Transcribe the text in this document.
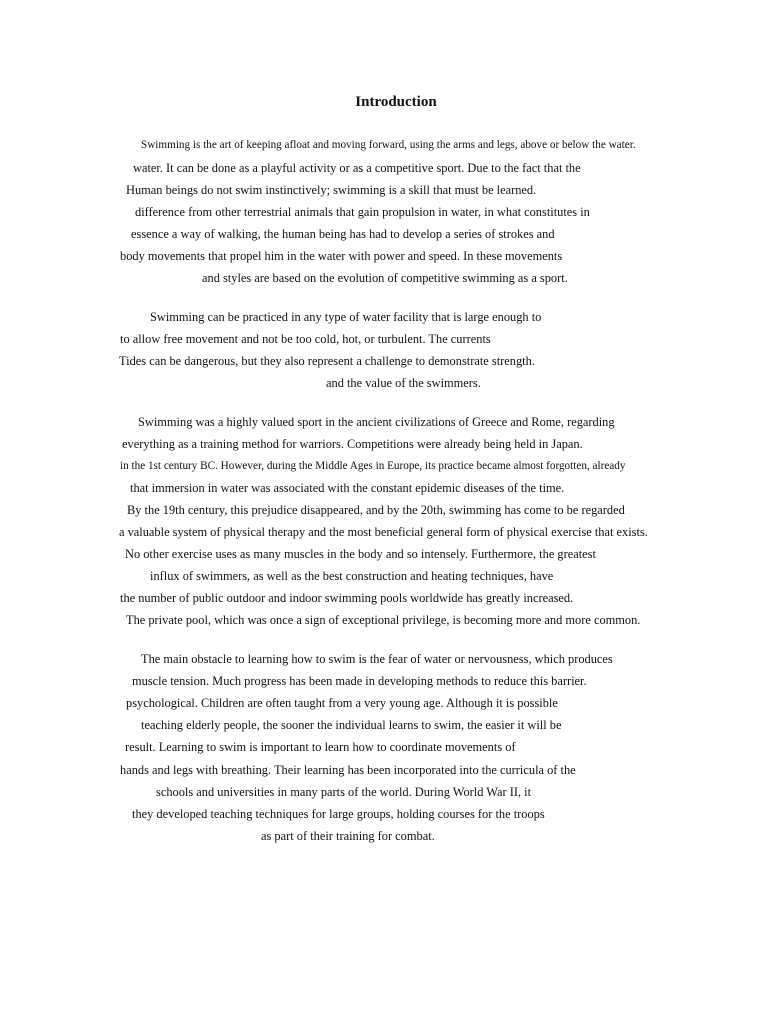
Introduction
Swimming is the art of keeping afloat and moving forward, using the arms and legs, above or below the water.
water. It can be done as a playful activity or as a competitive sport. Due to the fact that the
Human beings do not swim instinctively; swimming is a skill that must be learned.
difference from other terrestrial animals that gain propulsion in water, in what constitutes in
essence a way of walking, the human being has had to develop a series of strokes and
body movements that propel him in the water with power and speed. In these movements
and styles are based on the evolution of competitive swimming as a sport.
Swimming can be practiced in any type of water facility that is large enough to
to allow free movement and not be too cold, hot, or turbulent. The currents
Tides can be dangerous, but they also represent a challenge to demonstrate strength.
and the value of the swimmers.
Swimming was a highly valued sport in the ancient civilizations of Greece and Rome, regarding
everything as a training method for warriors. Competitions were already being held in Japan.
in the 1st century BC. However, during the Middle Ages in Europe, its practice became almost forgotten, already
that immersion in water was associated with the constant epidemic diseases of the time.
By the 19th century, this prejudice disappeared, and by the 20th, swimming has come to be regarded
a valuable system of physical therapy and the most beneficial general form of physical exercise that exists.
No other exercise uses as many muscles in the body and so intensely. Furthermore, the greatest
influx of swimmers, as well as the best construction and heating techniques, have
the number of public outdoor and indoor swimming pools worldwide has greatly increased.
The private pool, which was once a sign of exceptional privilege, is becoming more and more common.
The main obstacle to learning how to swim is the fear of water or nervousness, which produces
muscle tension. Much progress has been made in developing methods to reduce this barrier.
psychological. Children are often taught from a very young age. Although it is possible
teaching elderly people, the sooner the individual learns to swim, the easier it will be
result. Learning to swim is important to learn how to coordinate movements of
hands and legs with breathing. Their learning has been incorporated into the curricula of the
schools and universities in many parts of the world. During World War II, it
they developed teaching techniques for large groups, holding courses for the troops
as part of their training for combat.
